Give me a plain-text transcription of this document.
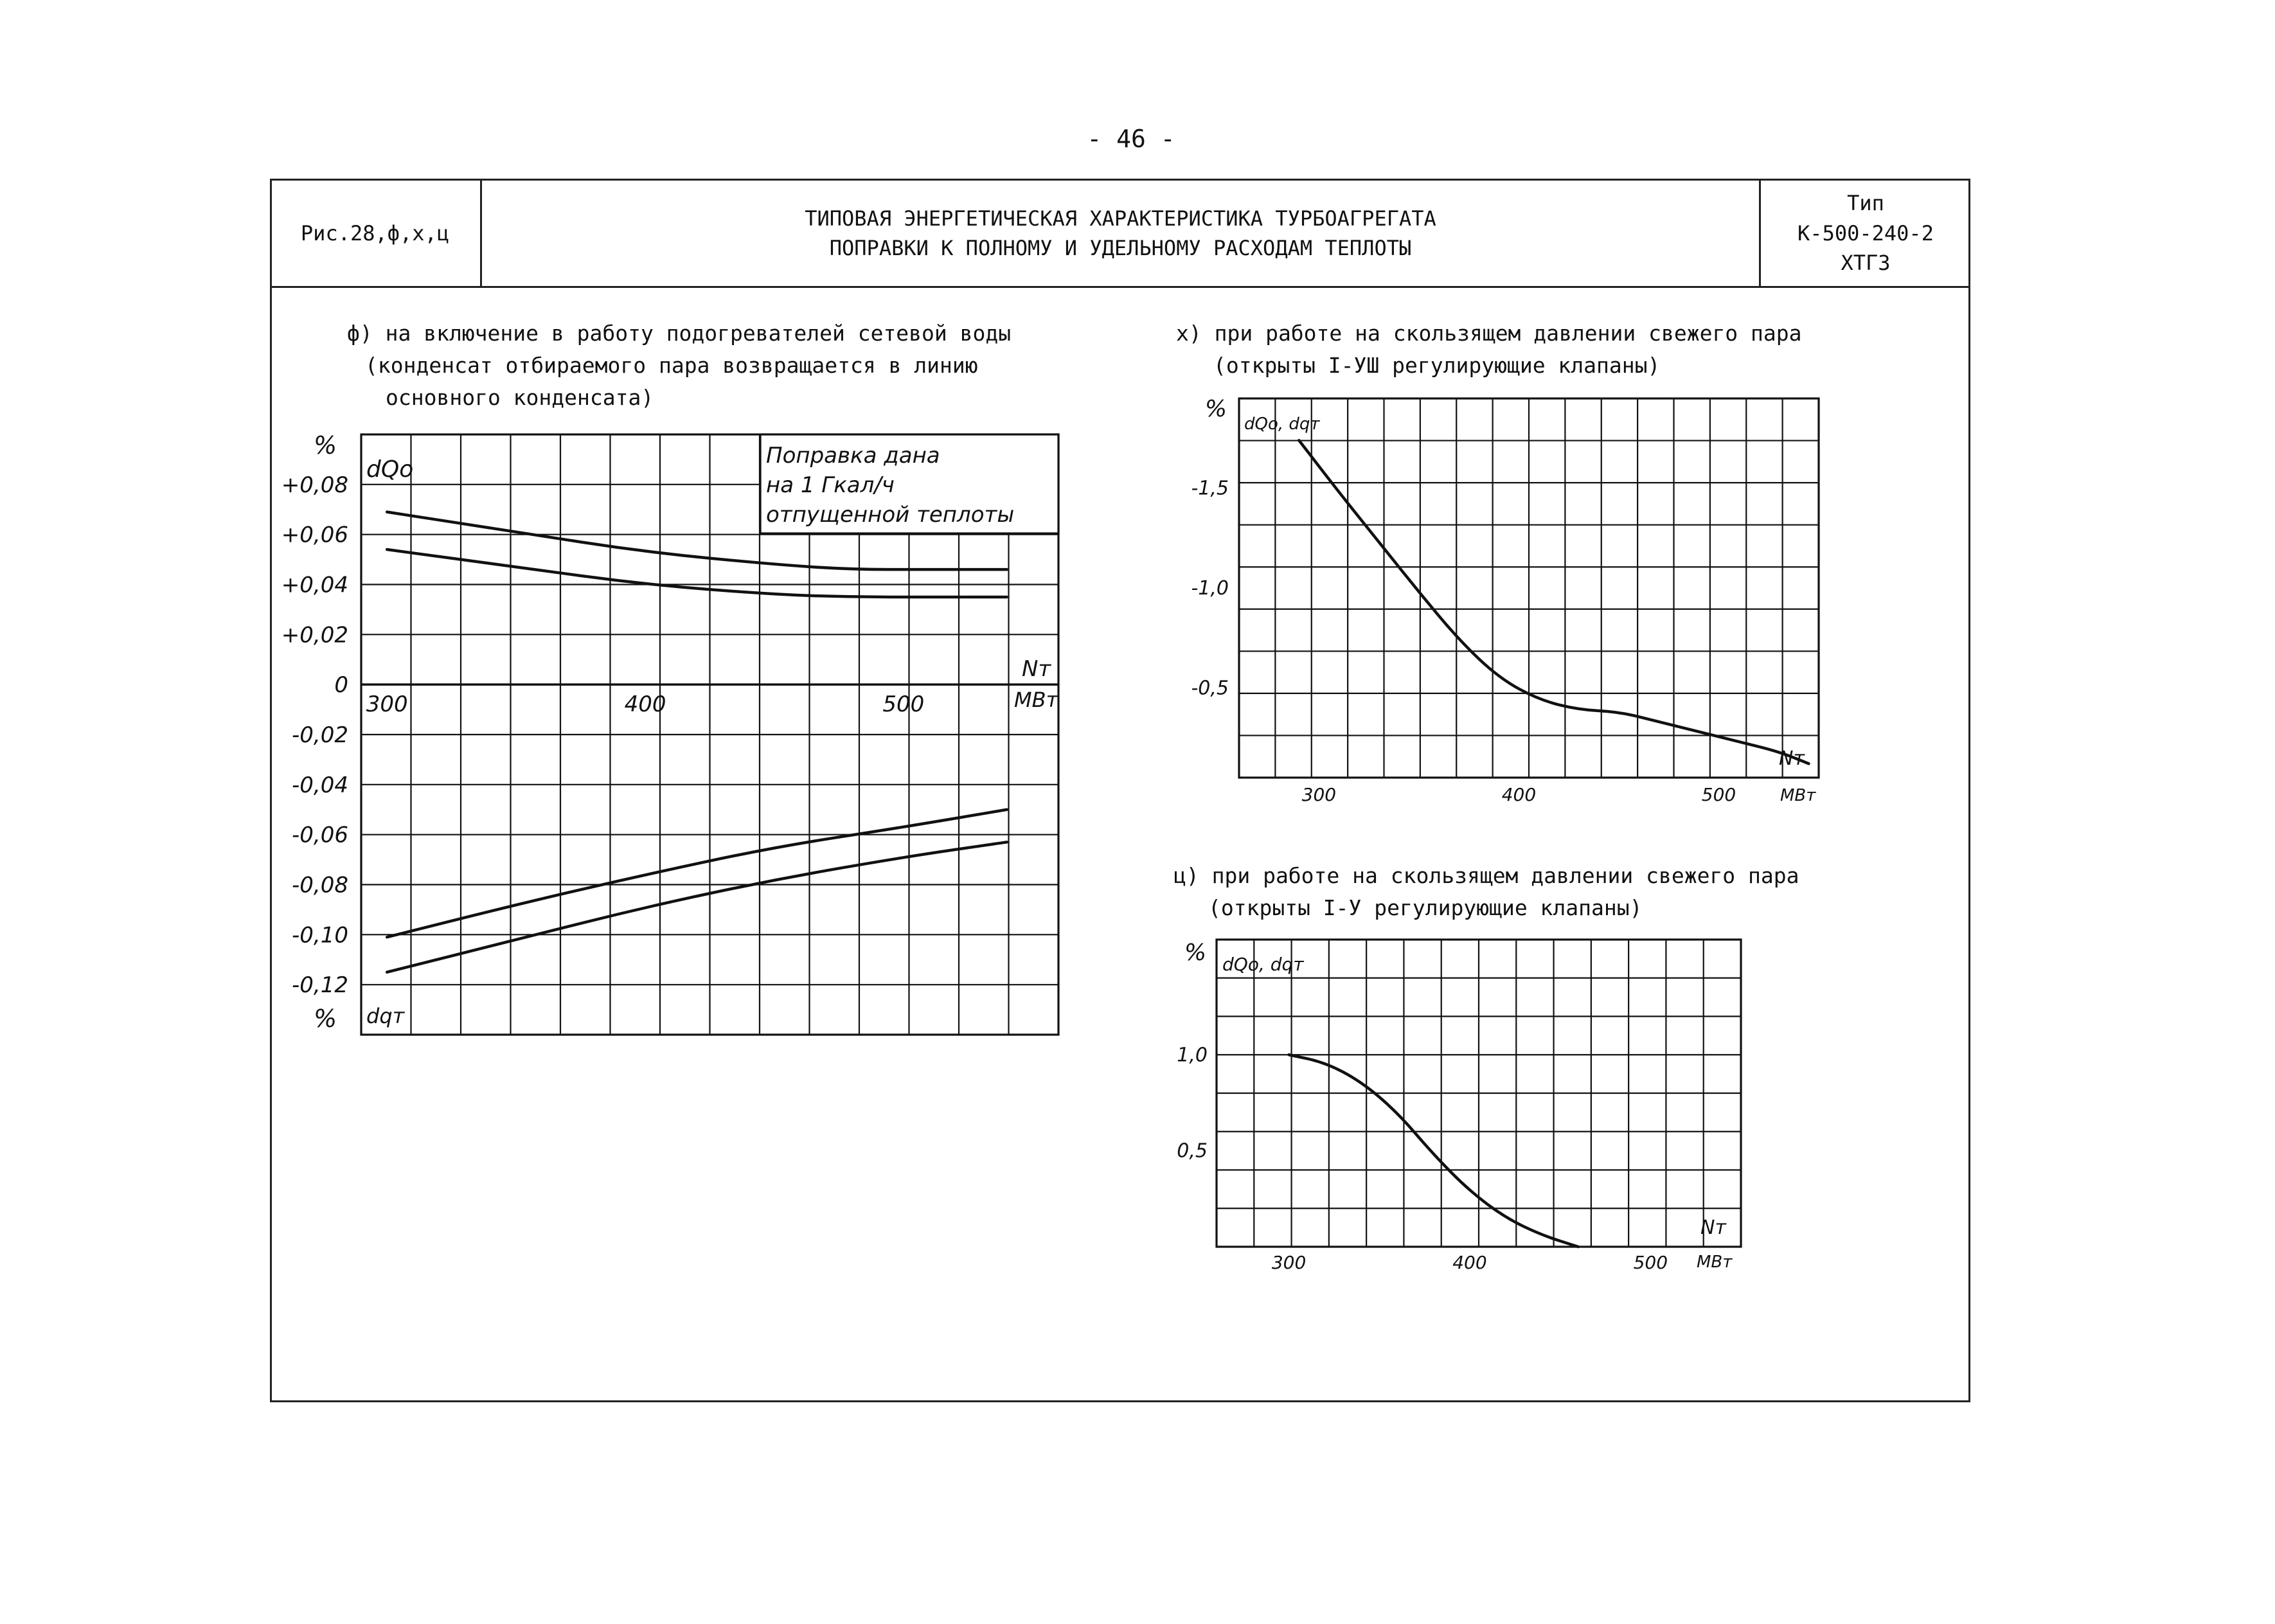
- 46 -
Рис.28,ф,х,ц
ТИПОВАЯ ЭНЕРГЕТИЧЕСКАЯ ХАРАКТЕРИСТИКА ТУРБОАГРЕГАТА
ПОПРАВКИ К ПОЛНОМУ И УДЕЛЬНОМУ РАСХОДАМ ТЕПЛОТЫ
Тип
К-500-240-2
ХТГЗ
ф) на включение в работу подогревателей сетевой воды
(конденсат отбираемого пара возвращается в линию
основного конденсата)
х) при работе на скользящем давлении свежего пара
(открыты I-УШ регулирующие клапаны)
ц) при работе на скользящем давлении свежего пара
(открыты I-У регулирующие клапаны)
+0,08
+0,06
+0,04
+0,02
0
-0,02
-0,04
-0,06
-0,08
-0,10
-0,12
300	400	500
%
%
dQo
dqт
Nт
МВт
Поправка дана
на 1 Гкал/ч
отпущенной теплоты
-1,5
-1,0
-0,5
300	400	500
%
dQo, dqт
Nт
МВт
1,0
0,5
300	400	500
% dQo, dqт
Nт
МВт
